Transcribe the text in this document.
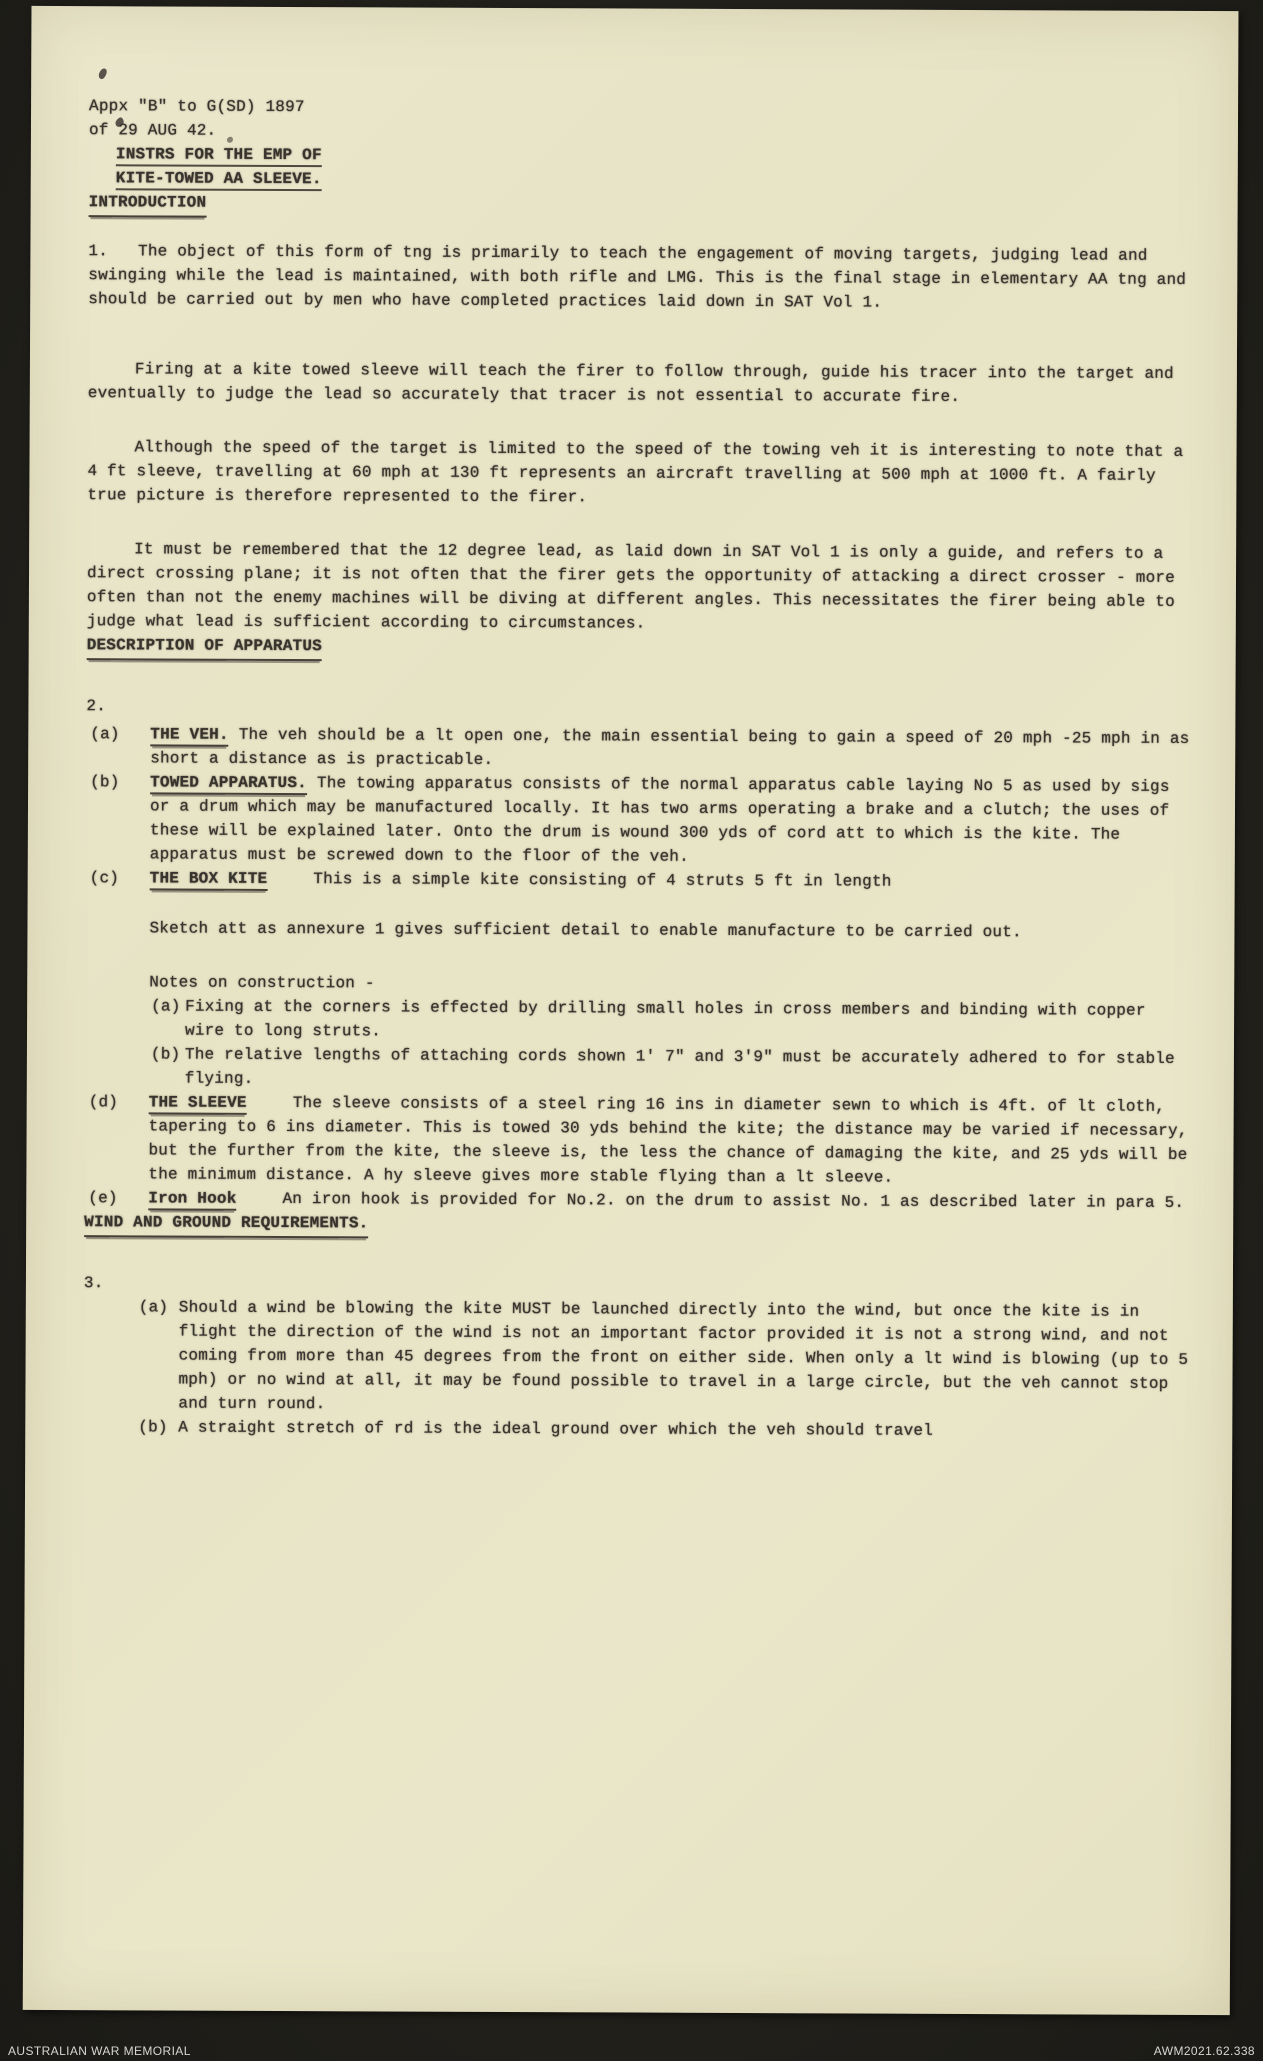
Appx "B" to G(SD) 1897

of 29 AUG 42.

INSTRS FOR THE EMP OF
KITE-TOWED AA SLEEVE.
INTRODUCTION

1. The object of this form of tng is primarily to teach the engagement of moving targets, judging lead and swinging while the lead is maintained, with both rifle and LMG. This is the final stage in elementary AA tng and should be carried out by men who have completed practices laid down in SAT Vol 1.

Firing at a kite towed sleeve will teach the firer to follow through, guide his tracer into the target and eventually to judge the lead so accurately that tracer is not essential to accurate fire.

Although the speed of the target is limited to the speed of the towing veh it is interesting to note that a 4 ft sleeve, travelling at 60 mph at 130 ft represents an aircraft travelling at 500 mph at 1000 ft. A fairly true picture is therefore represented to the firer.

It must be remembered that the 12 degree lead, as laid down in SAT Vol 1 is only a guide, and refers to a direct crossing plane; it is not often that the firer gets the opportunity of attacking a direct crosser - more often than not the enemy machines will be diving at different angles. This necessitates the firer being able to judge what lead is sufficient according to circumstances.

DESCRIPTION OF APPARATUS

2.

(a) THE VEH. The veh should be a lt open one, the main essential being to gain a speed of 20 mph -25 mph in as short a distance as is practicable.
(b) TOWED APPARATUS. The towing apparatus consists of the normal apparatus cable laying No 5 as used by sigs or a drum which may be manufactured locally. It has two arms operating a brake and a clutch; the uses of these will be explained later. Onto the drum is wound 300 yds of cord att to which is the kite. The apparatus must be screwed down to the floor of the veh.
(c) THE BOX KITE	This is a simple kite consisting of 4 struts 5 ft in length

Sketch att as annexure 1 gives sufficient detail to enable manufacture to be carried out.

Notes on construction -

(a) Fixing at the corners is effected by drilling small holes in cross members and binding with copper wire to long struts.
(b) The relative lengths of attaching cords shown 1' 7" and 3'9" must be accurately adhered to for stable flying.
(d) THE SLEEVE	The sleeve consists of a steel ring 16 ins in diameter sewn to which is 4ft. of lt cloth, tapering to 6 ins diameter. This is towed 30 yds behind the kite; the distance may be varied if necessary, but the further from the kite, the sleeve is, the less the chance of damaging the kite, and 25 yds will be the minimum distance. A hy sleeve gives more stable flying than a lt sleeve.
(e) Iron Hook	An iron hook is provided for No.2. on the drum to assist No. 1 as described later in para 5.
WIND AND GROUND REQUIREMENTS.

3.

(a) Should a wind be blowing the kite MUST be launched directly into the wind, but once the kite is in flight the direction of the wind is not an important factor provided it is not a strong wind, and not coming from more than 45 degrees from the front on either side. When only a lt wind is blowing (up to 5 mph) or no wind at all, it may be found possible to travel in a large circle, but the veh cannot stop and turn round.
(b) A straight stretch of rd is the ideal ground over which the veh should travel
AUSTRALIAN WAR MEMORIAL	AWM2021.62.338
